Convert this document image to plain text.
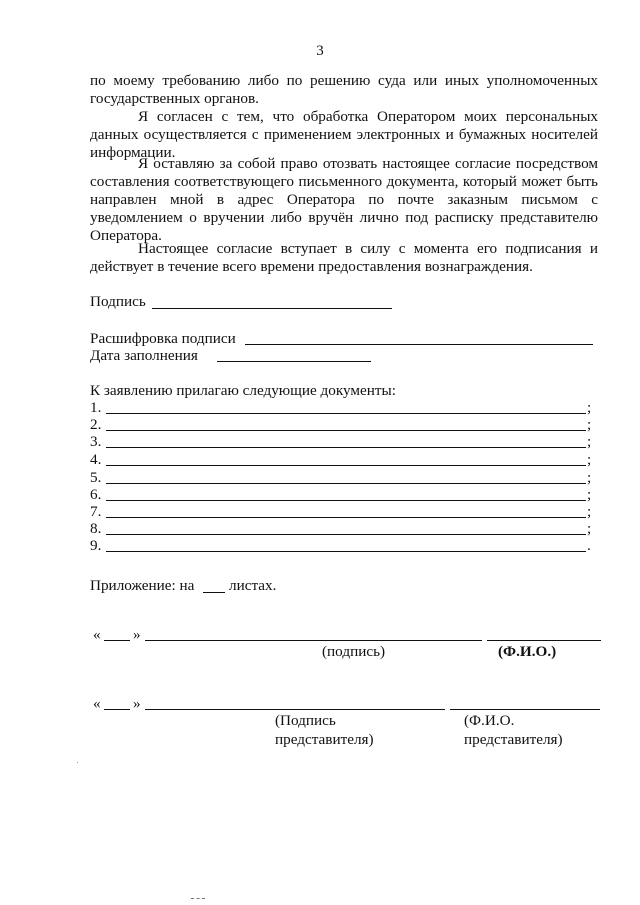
3
по моему требованию либо по решению суда или иных уполномоченных государственных органов.
Я согласен с тем, что обработка Оператором моих персональных данных осуществляется с применением электронных и бумажных носителей информации.
Я оставляю за собой право отозвать настоящее согласие посредством составления соответствующего письменного документа, который может быть направлен мной в адрес Оператора по почте заказным письмом с уведомлением о вручении либо вручён лично под расписку представителю Оператора.
Настоящее согласие вступает в силу с момента его подписания и действует в течение всего времени предоставления вознаграждения.
Подпись
Расшифровка подписи
Дата заполнения
К заявлению прилагаю следующие документы:
1.	;
2.	;
3.	;
4.	;
5.	;
6.	;
7.	;
8.	;
9.	.
Приложение: на листах.
« »
(подпись)	(Ф.И.О.)
« »
(Подпись
представителя)
(Ф.И.О.
представителя)
